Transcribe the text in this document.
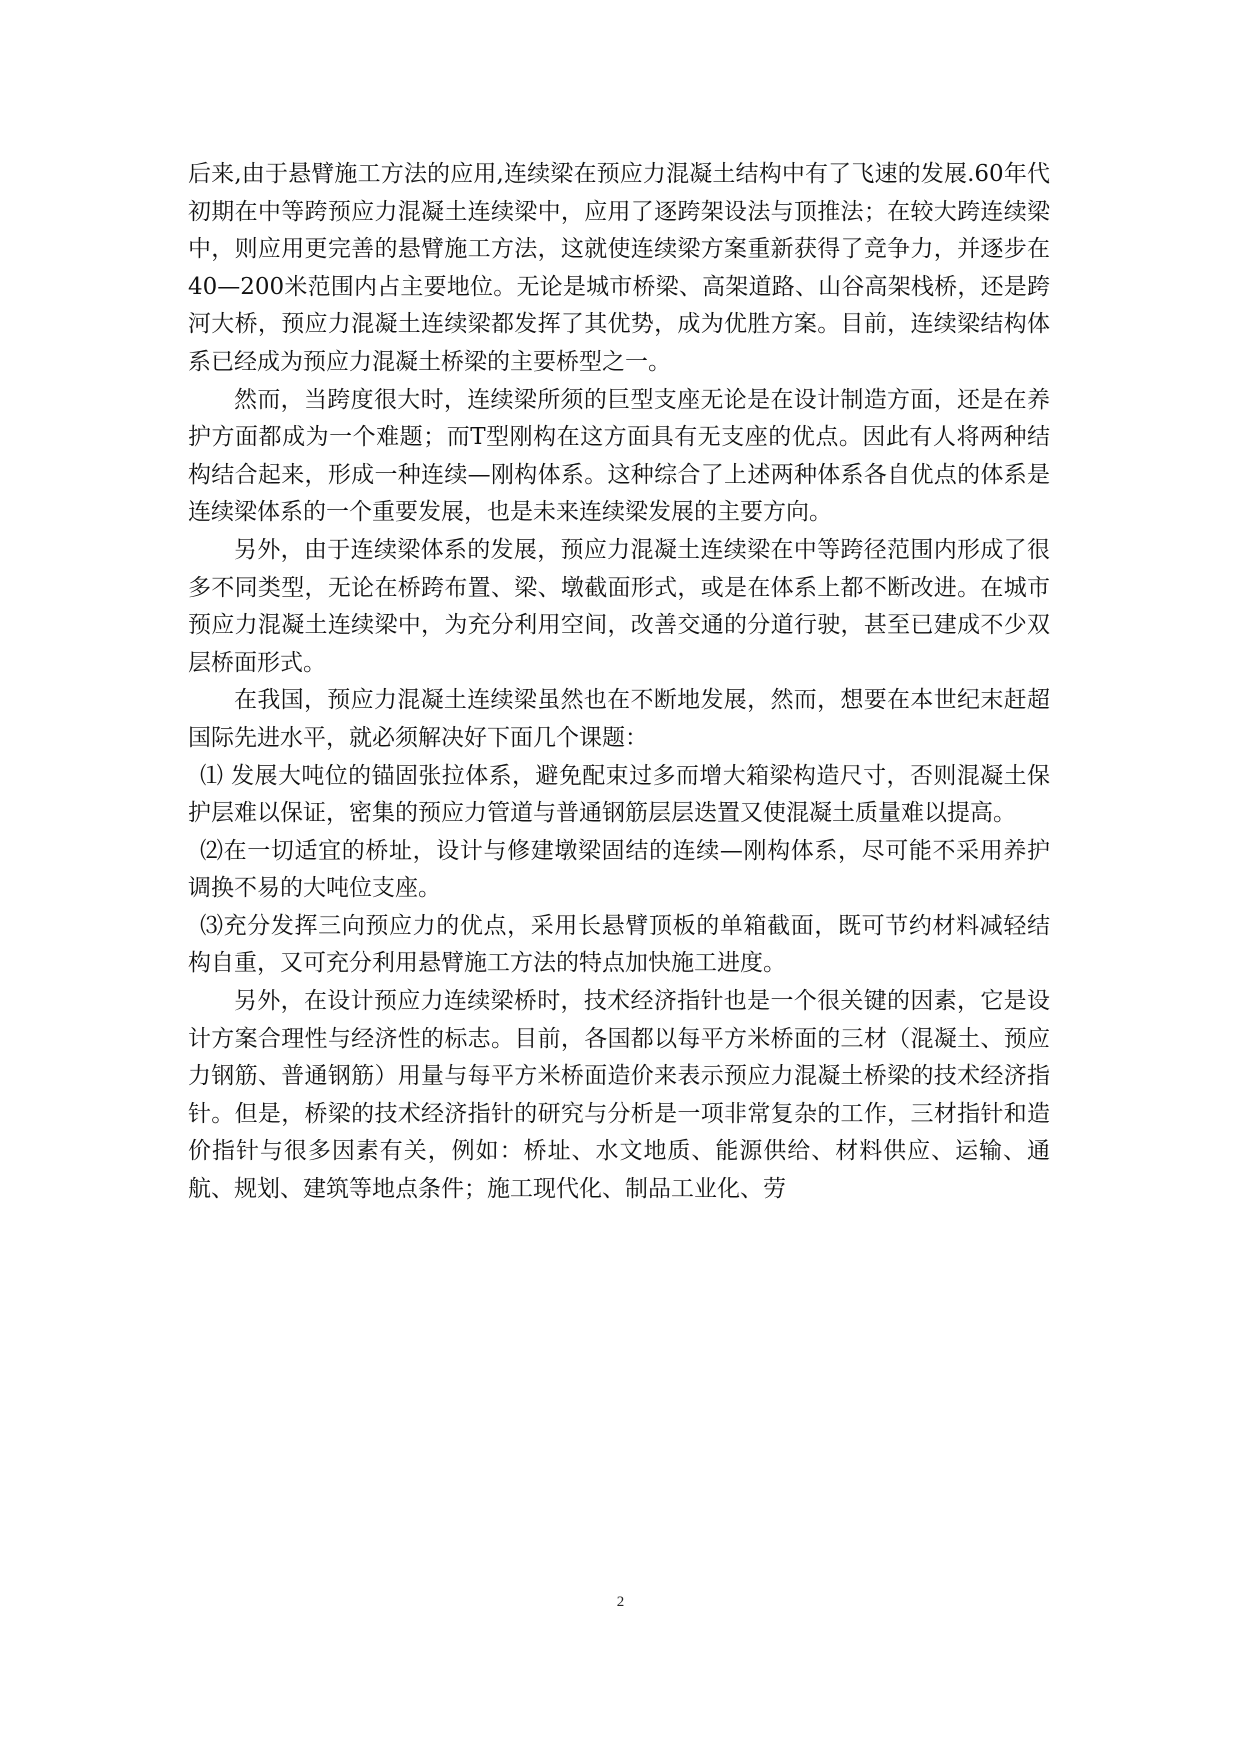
后来,由于悬臂施工方法的应用,连续梁在预应力混凝土结构中有了飞速的发展.60年代初期在中等跨预应力混凝土连续梁中，应用了逐跨架设法与顶推法；在较大跨连续梁中，则应用更完善的悬臂施工方法，这就使连续梁方案重新获得了竞争力，并逐步在40—200米范围内占主要地位。无论是城市桥梁、高架道路、山谷高架栈桥，还是跨河大桥，预应力混凝土连续梁都发挥了其优势，成为优胜方案。目前，连续梁结构体系已经成为预应力混凝土桥梁的主要桥型之一。

然而，当跨度很大时，连续梁所须的巨型支座无论是在设计制造方面，还是在养护方面都成为一个难题；而T型刚构在这方面具有无支座的优点。因此有人将两种结构结合起来，形成一种连续—刚构体系。这种综合了上述两种体系各自优点的体系是连续梁体系的一个重要发展，也是未来连续梁发展的主要方向。

另外，由于连续梁体系的发展，预应力混凝土连续梁在中等跨径范围内形成了很多不同类型，无论在桥跨布置、梁、墩截面形式，或是在体系上都不断改进。在城市预应力混凝土连续梁中，为充分利用空间，改善交通的分道行驶，甚至已建成不少双层桥面形式。

在我国，预应力混凝土连续梁虽然也在不断地发展，然而，想要在本世纪末赶超国际先进水平，就必须解决好下面几个课题：

⑴ 发展大吨位的锚固张拉体系，避免配束过多而增大箱梁构造尺寸，否则混凝土保护层难以保证，密集的预应力管道与普通钢筋层层迭置又使混凝土质量难以提高。

⑵在一切适宜的桥址，设计与修建墩梁固结的连续—刚构体系，尽可能不采用养护调换不易的大吨位支座。

⑶充分发挥三向预应力的优点，采用长悬臂顶板的单箱截面，既可节约材料减轻结构自重，又可充分利用悬臂施工方法的特点加快施工进度。

另外，在设计预应力连续梁桥时，技术经济指针也是一个很关键的因素，它是设计方案合理性与经济性的标志。目前，各国都以每平方米桥面的三材（混凝土、预应力钢筋、普通钢筋）用量与每平方米桥面造价来表示预应力混凝土桥梁的技术经济指针。但是，桥梁的技术经济指针的研究与分析是一项非常复杂的工作，三材指针和造价指针与很多因素有关，例如：桥址、水文地质、能源供给、材料供应、运输、通航、规划、建筑等地点条件；施工现代化、制品工业化、劳

2
